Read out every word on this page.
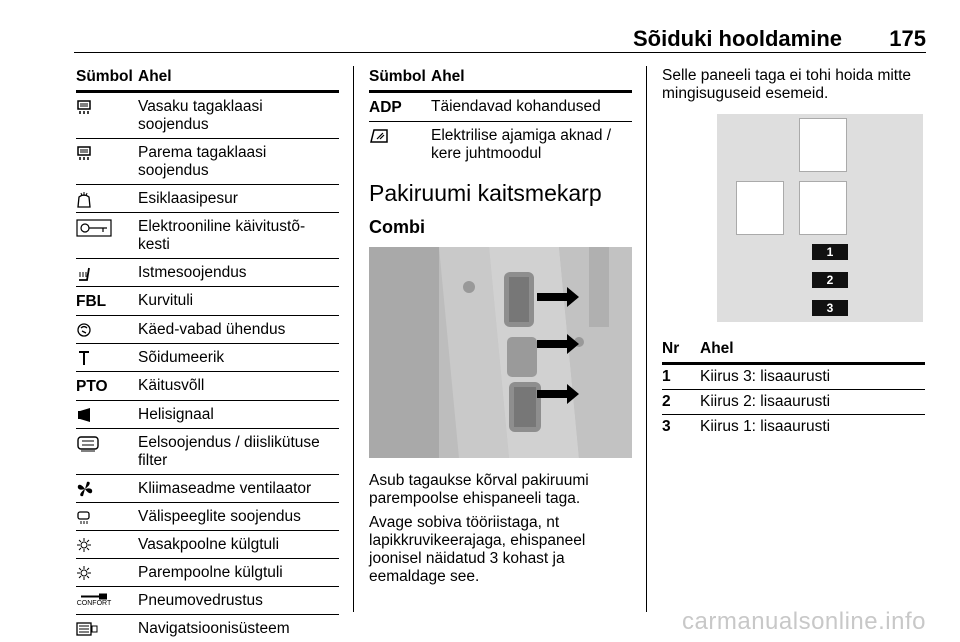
Sõiduki hooldamine 175
Sümbol Ahel
Vasaku tagaklaasi
soojendus
Parema tagaklaasi
soojendus
Esiklaasipesur
Elektrooniline käivitustõ-
kesti
Istmesoojendus
FBL	Kurvituli
Käed-vabad ühendus
Sõidumeerik
PTO	Käitusvõll
Helisignaal
Eelsoojendus / diislikütuse
filter
Kliimaseadme ventilaator
Välispeeglite soojendus
Vasakpoolne külgtuli
Parempoolne külgtuli
CONFORT Pneumovedrustus
Navigatsioonisüsteem
Sümbol Ahel
ADP	Täiendavad kohandused
Elektrilise ajamiga aknad /
kere juhtmoodul
Pakiruumi kaitsmekarp
Combi
Asub tagaukse kõrval pakiruumi
parempoolse ehispaneeli taga.
Avage sobiva tööriistaga, nt
lapikkruvikeerajaga, ehispaneel
joonisel näidatud 3 kohast ja
eemaldage see.
Selle paneeli taga ei tohi hoida mitte
mingisuguseid esemeid.
1
2
3
Nr	Ahel
1	Kiirus 3: lisaaurusti
2	Kiirus 2: lisaaurusti
3	Kiirus 1: lisaaurusti
carmanualsonline.info
